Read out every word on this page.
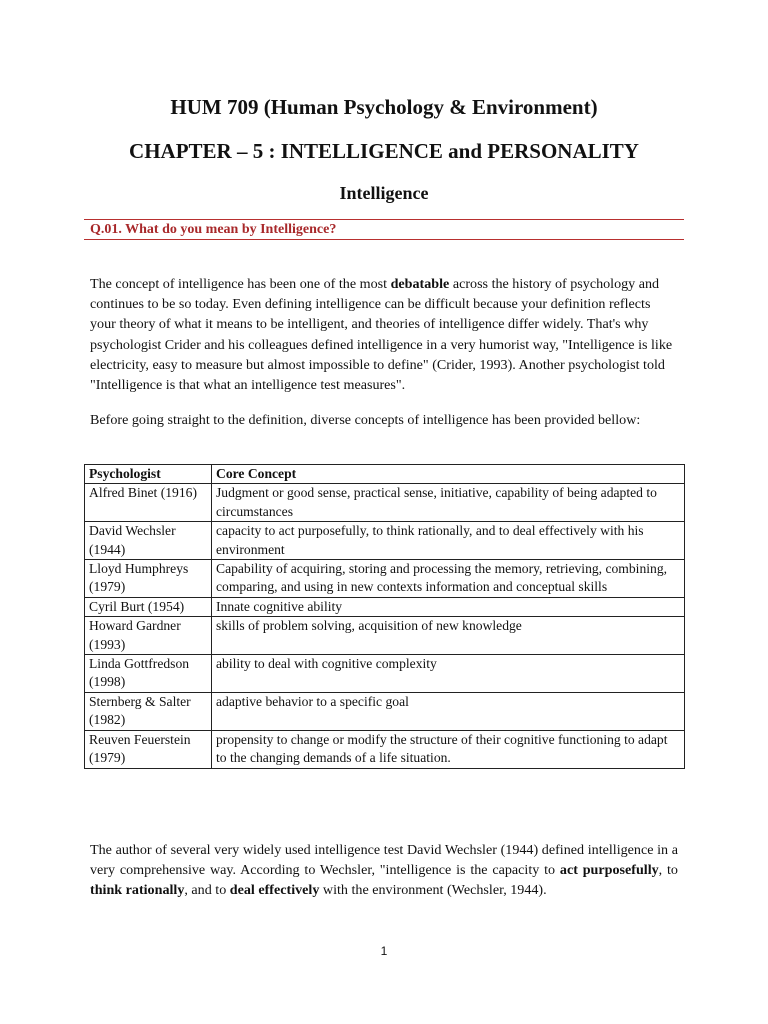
HUM 709 (Human Psychology & Environment)
CHAPTER – 5 : INTELLIGENCE and PERSONALITY
Intelligence
Q.01. What do you mean by Intelligence?

The concept of intelligence has been one of the most debatable across the history of psychology and continues to be so today. Even defining intelligence can be difficult because your definition reflects your theory of what it means to be intelligent, and theories of intelligence differ widely. That's why psychologist Crider and his colleagues defined intelligence in a very humorist way, "Intelligence is like electricity, easy to measure but almost impossible to define" (Crider, 1993). Another psychologist told "Intelligence is that what an intelligence test measures".

Before going straight to the definition, diverse concepts of intelligence has been provided bellow:

Psychologist	Core Concept
Alfred Binet (1916)	Judgment or good sense, practical sense, initiative, capability of being adapted to circumstances
David Wechsler (1944)	capacity to act purposefully, to think rationally, and to deal effectively with his environment
Lloyd Humphreys (1979)	Capability of acquiring, storing and processing the memory, retrieving, combining, comparing, and using in new contexts information and conceptual skills
Cyril Burt (1954)	Innate cognitive ability
Howard Gardner (1993)	skills of problem solving, acquisition of new knowledge
Linda Gottfredson (1998)	ability to deal with cognitive complexity
Sternberg & Salter (1982)	adaptive behavior to a specific goal
Reuven Feuerstein (1979)	propensity to change or modify the structure of their cognitive functioning to adapt to the changing demands of a life situation.

The author of several very widely used intelligence test David Wechsler (1944) defined intelligence in a very comprehensive way. According to Wechsler, "intelligence is the capacity to act purposefully, to think rationally, and to deal effectively with the environment (Wechsler, 1944).

1
